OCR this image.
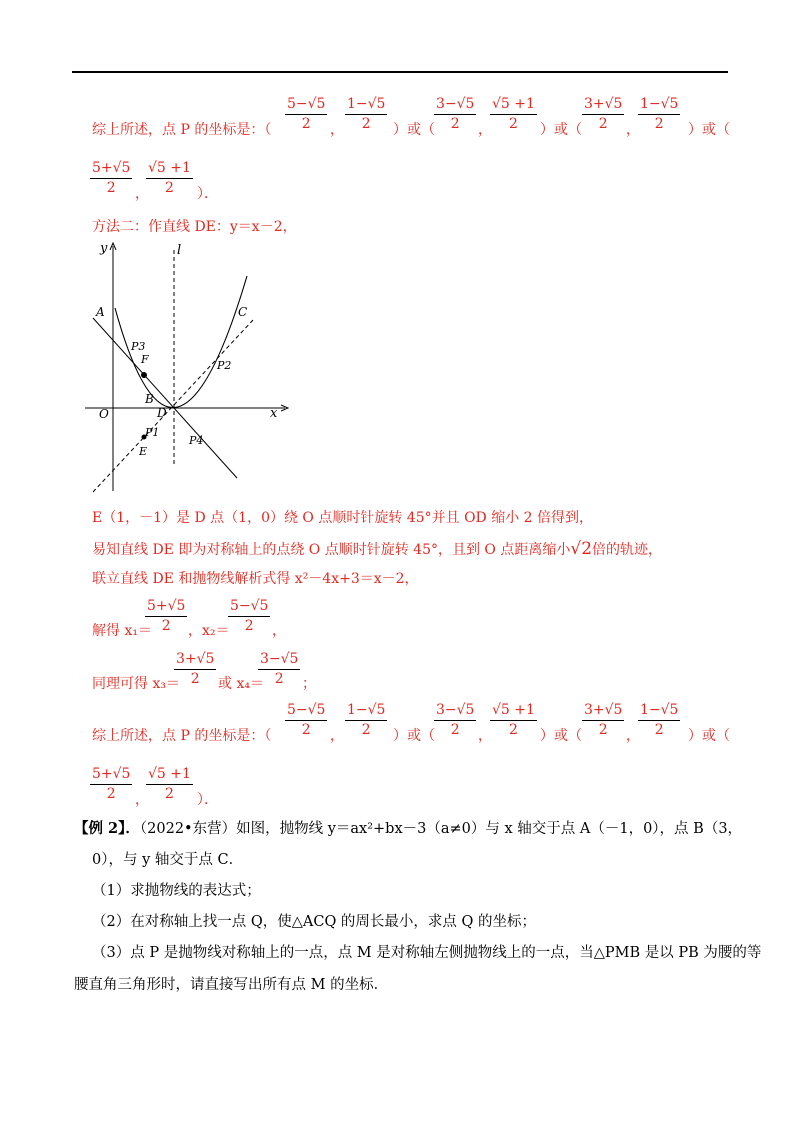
综上所述，点 P 的坐标是：（ $\frac{5-√5}{2}$ ， $\frac{1-√5}{2}$ ）或（ $\frac{3-√5}{2}$ ，
$\frac{√5 +1}{2}$ ）或（ $\frac{3+√5}{2}$ ，
$\frac{1-√5}{2}$ ）或（
$\frac{5+√5}{2}$ ，
$\frac{√5 +1}{2}$ ）．
方法二：作直线 DE：y＝x－2，
y
x
l
A	C
P3
F	P2
B
O	D
P1
E
P4
E（1，－1）是 D 点（1，0）绕 O 点顺时针旋转 45°并且 OD 缩小 2 倍得到，
易知直线 DE 即为对称轴上的点绕 O 点顺时针旋转 45°，且到 O 点距离缩小√2倍的轨迹，
联立直线 DE 和抛物线解析式得 x²－4x+3＝x－2，
解得 x₁＝
$\frac{5+√5}{2}$ ，x₂＝
$\frac{5-√5}{2}$ ，
同理可得 x₃＝
$\frac{3+√5}{2}$ 或 x₄＝
$\frac{3-√5}{2}$ ；
综上所述，点 P 的坐标是：（ $\frac{5-√5}{2}$ ， $\frac{1-√5}{2}$ ）或（ $\frac{3-√5}{2}$ ，
$\frac{√5 +1}{2}$ ）或（ $\frac{3+√5}{2}$ ，
$\frac{1-√5}{2}$ ）或（
$\frac{5+√5}{2}$ ，
$\frac{√5 +1}{2}$ ）．
【例 2】．（2022•东营）如图，抛物线 y＝ax²+bx－3（a≠0）与 x 轴交于点 A（－1，0），点 B（3，
0），与 y 轴交于点 C．
（1）求抛物线的表达式；
（2）在对称轴上找一点 Q，使△ACQ 的周长最小，求点 Q 的坐标；
（3）点 P 是抛物线对称轴上的一点，点 M 是对称轴左侧抛物线上的一点，当△PMB 是以 PB 为腰的等
腰直角三角形时，请直接写出所有点 M 的坐标．
